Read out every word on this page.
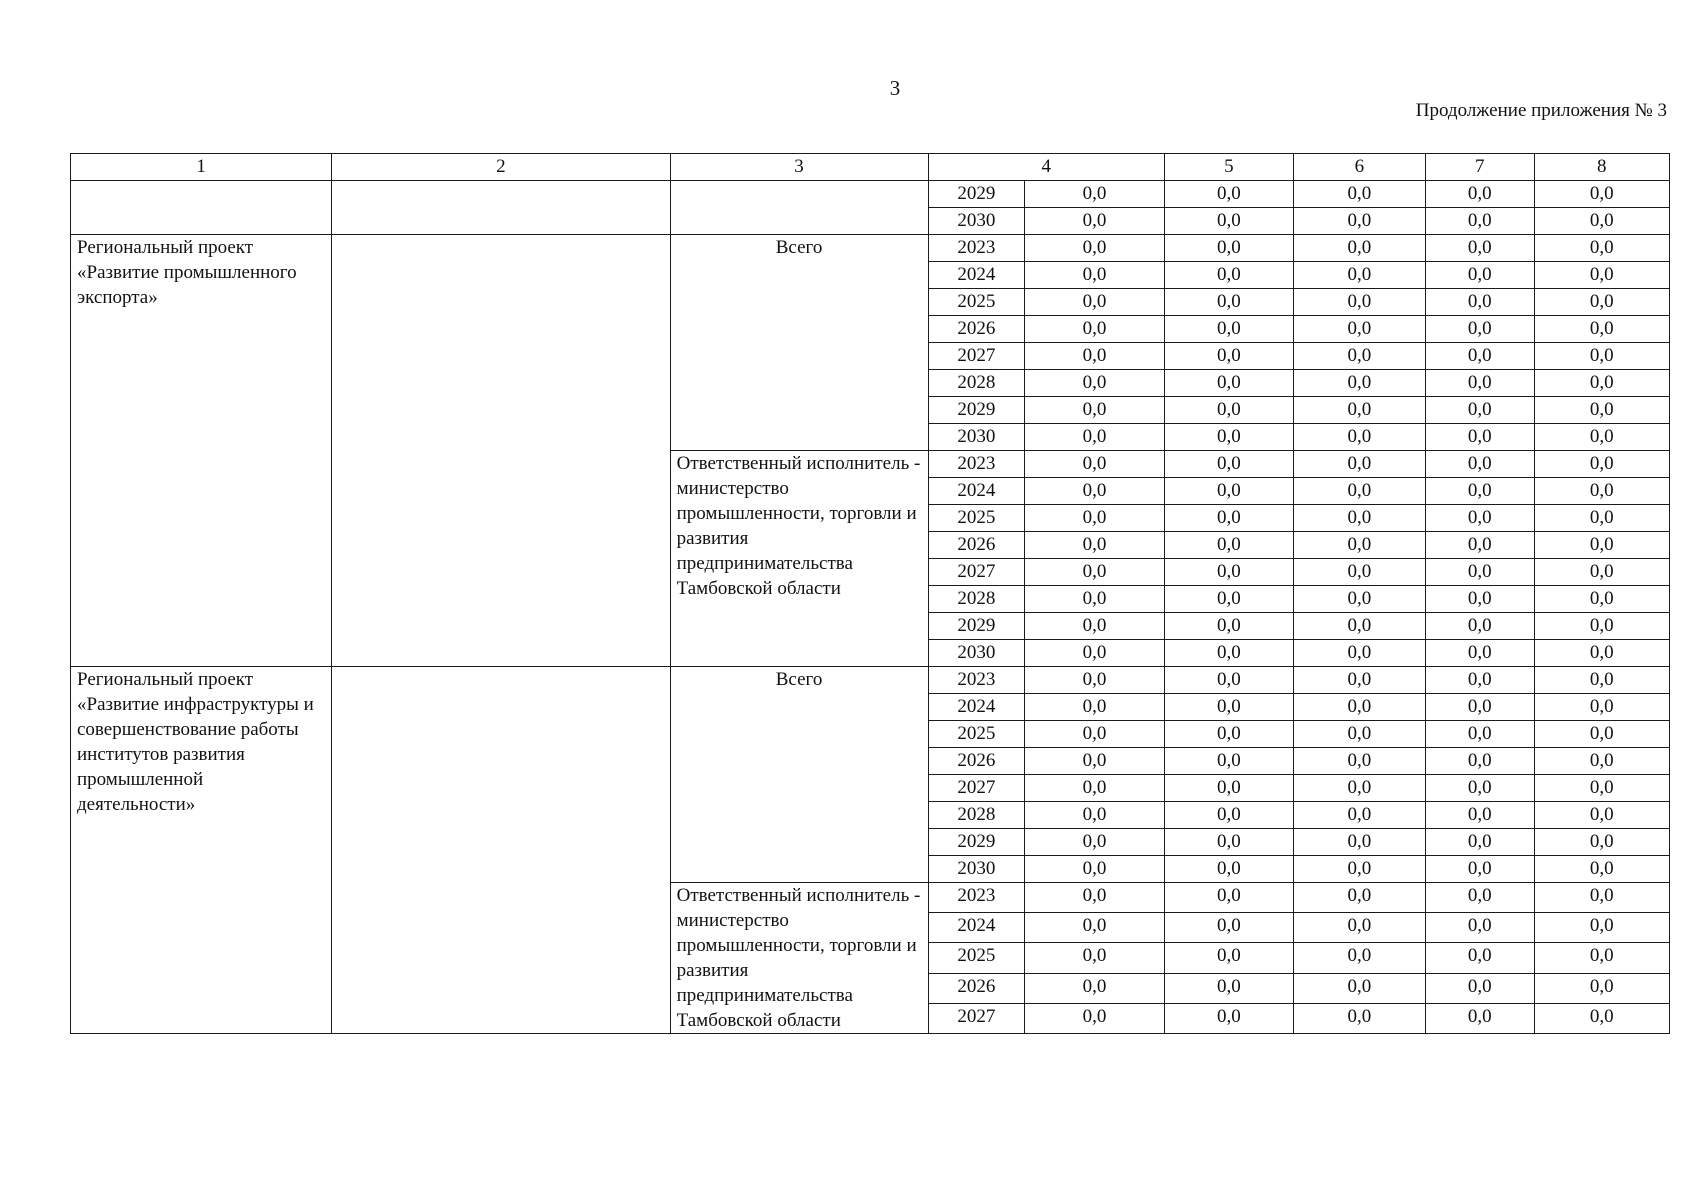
3
Продолжение приложения № 3
1	2	3	4		5	6	7	8
			2029	0,0	0,0	0,0	0,0	0,0
			2030	0,0	0,0	0,0	0,0	0,0
Региональный проект «Развитие промышленного экспорта»		Всего	2023	0,0	0,0	0,0	0,0	0,0
			2024	0,0	0,0	0,0	0,0	0,0
			2025	0,0	0,0	0,0	0,0	0,0
			2026	0,0	0,0	0,0	0,0	0,0
			2027	0,0	0,0	0,0	0,0	0,0
			2028	0,0	0,0	0,0	0,0	0,0
			2029	0,0	0,0	0,0	0,0	0,0
			2030	0,0	0,0	0,0	0,0	0,0
		Ответственный исполнитель - министерство промышленности, торговли и развития предпринимательства Тамбовской области	2023	0,0	0,0	0,0	0,0	0,0
			2024	0,0	0,0	0,0	0,0	0,0
			2025	0,0	0,0	0,0	0,0	0,0
			2026	0,0	0,0	0,0	0,0	0,0
			2027	0,0	0,0	0,0	0,0	0,0
			2028	0,0	0,0	0,0	0,0	0,0
			2029	0,0	0,0	0,0	0,0	0,0
			2030	0,0	0,0	0,0	0,0	0,0
Региональный проект «Развитие инфраструктуры и совершенствование работы институтов развития промышленной деятельности»		Всего	2023	0,0	0,0	0,0	0,0	0,0
			2024	0,0	0,0	0,0	0,0	0,0
			2025	0,0	0,0	0,0	0,0	0,0
			2026	0,0	0,0	0,0	0,0	0,0
			2027	0,0	0,0	0,0	0,0	0,0
			2028	0,0	0,0	0,0	0,0	0,0
			2029	0,0	0,0	0,0	0,0	0,0
			2030	0,0	0,0	0,0	0,0	0,0
		Ответственный исполнитель - министерство промышленности, торговли и развития предпринимательства Тамбовской области	2023	0,0	0,0	0,0	0,0	0,0
			2024	0,0	0,0	0,0	0,0	0,0
			2025	0,0	0,0	0,0	0,0	0,0
			2026	0,0	0,0	0,0	0,0	0,0
			2027	0,0	0,0	0,0	0,0	0,0
